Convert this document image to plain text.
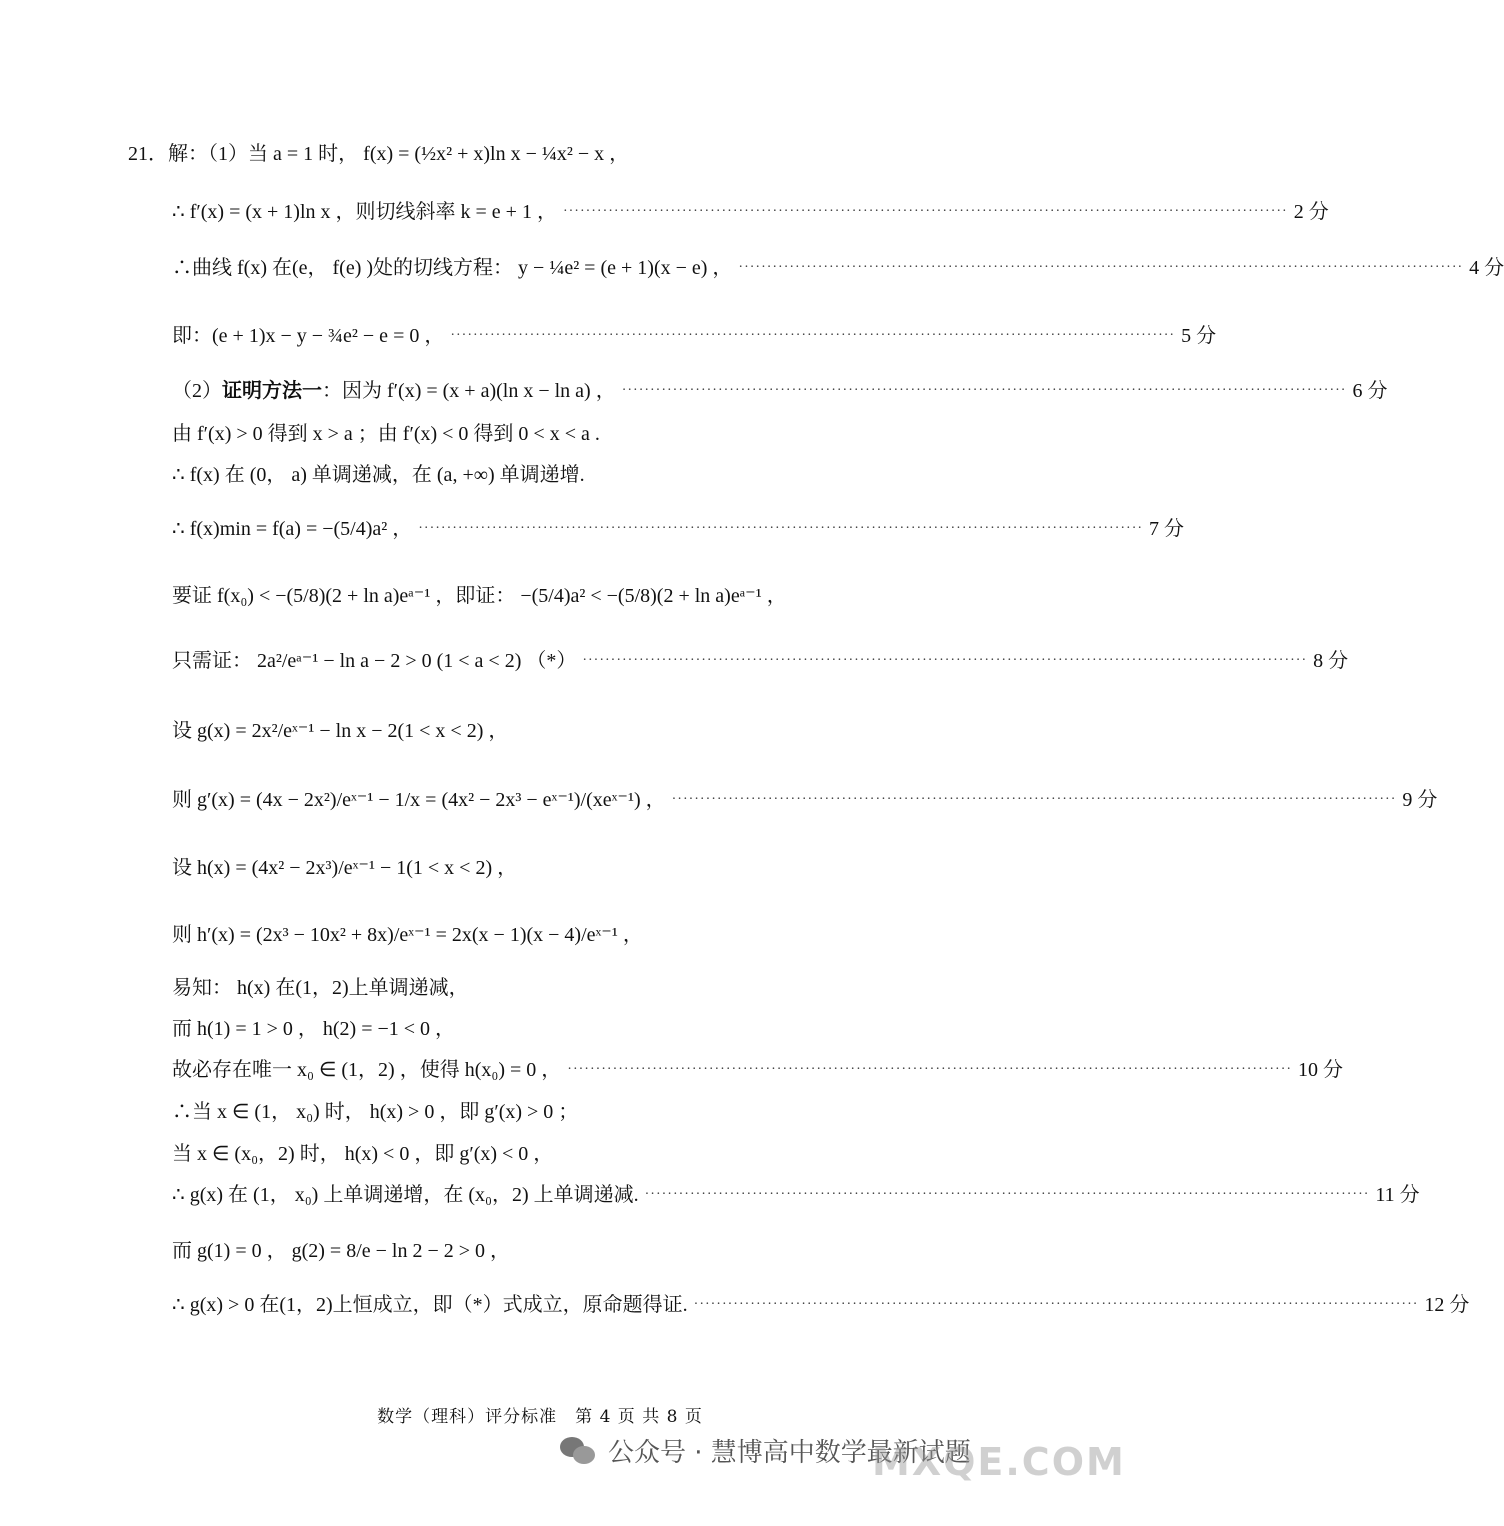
21．解：（1）当 a = 1 时， f(x) = (½x² + x)ln x − ¼x² − x ，
∴ f′(x) = (x + 1)ln x ，则切线斜率 k = e + 1 ， ·····	2 分
∴曲线 f(x) 在(e， f(e) )处的切线方程： y − ¼e² = (e + 1)(x − e) ， ·····	4 分
即：(e + 1)x − y − ¾e² − e = 0 ， ·····	5 分
（2） 证明方法一 ：因为 f′(x) = (x + a)(ln x − ln a) ， ·····	6 分
由 f′(x) > 0 得到 x > a ；由 f′(x) < 0 得到 0 < x < a .
∴ f(x) 在 (0， a) 单调递减，在 (a, +∞) 单调递增.
∴ f(x)min = f(a) = −(5/4)a² ， ·····	7 分
要证 f(x₀) < −(5/8)(2 + ln a)eᵃ⁻¹ ，即证： −(5/4)a² < −(5/8)(2 + ln a)eᵃ⁻¹ ，
只需证： 2a²/eᵃ⁻¹ − ln a − 2 > 0 (1 < a < 2) （*） ·····	8 分
设 g(x) = 2x²/eˣ⁻¹ − ln x − 2(1 < x < 2) ，
则 g′(x) = (4x − 2x²)/eˣ⁻¹ − 1/x = (4x² − 2x³ − eˣ⁻¹)/(xeˣ⁻¹) ， ·····	9 分
设 h(x) = (4x² − 2x³)/eˣ⁻¹ − 1(1 < x < 2) ，
则 h′(x) = (2x³ − 10x² + 8x)/eˣ⁻¹ = 2x(x − 1)(x − 4)/eˣ⁻¹ ，
易知： h(x) 在(1，2)上单调递减，
而 h(1) = 1 > 0 ， h(2) = −1 < 0 ，
故必存在唯一 x₀ ∈ (1，2) ，使得 h(x₀) = 0 ， ·····	10 分
∴当 x ∈ (1， x₀) 时， h(x) > 0 ，即 g′(x) > 0 ；
当 x ∈ (x₀，2) 时， h(x) < 0 ，即 g′(x) < 0 ，
∴ g(x) 在 (1， x₀) 上单调递增，在 (x₀，2) 上单调递减. ·····	11 分
而 g(1) = 0 ， g(2) = 8/e − ln 2 − 2 > 0 ，
∴ g(x) > 0 在(1，2)上恒成立，即（*）式成立，原命题得证. ·····	12 分
数学（理科）评分标准　第 4 页 共 8 页
公众号 · 慧博高中数学最新试题
MXQE.COM
